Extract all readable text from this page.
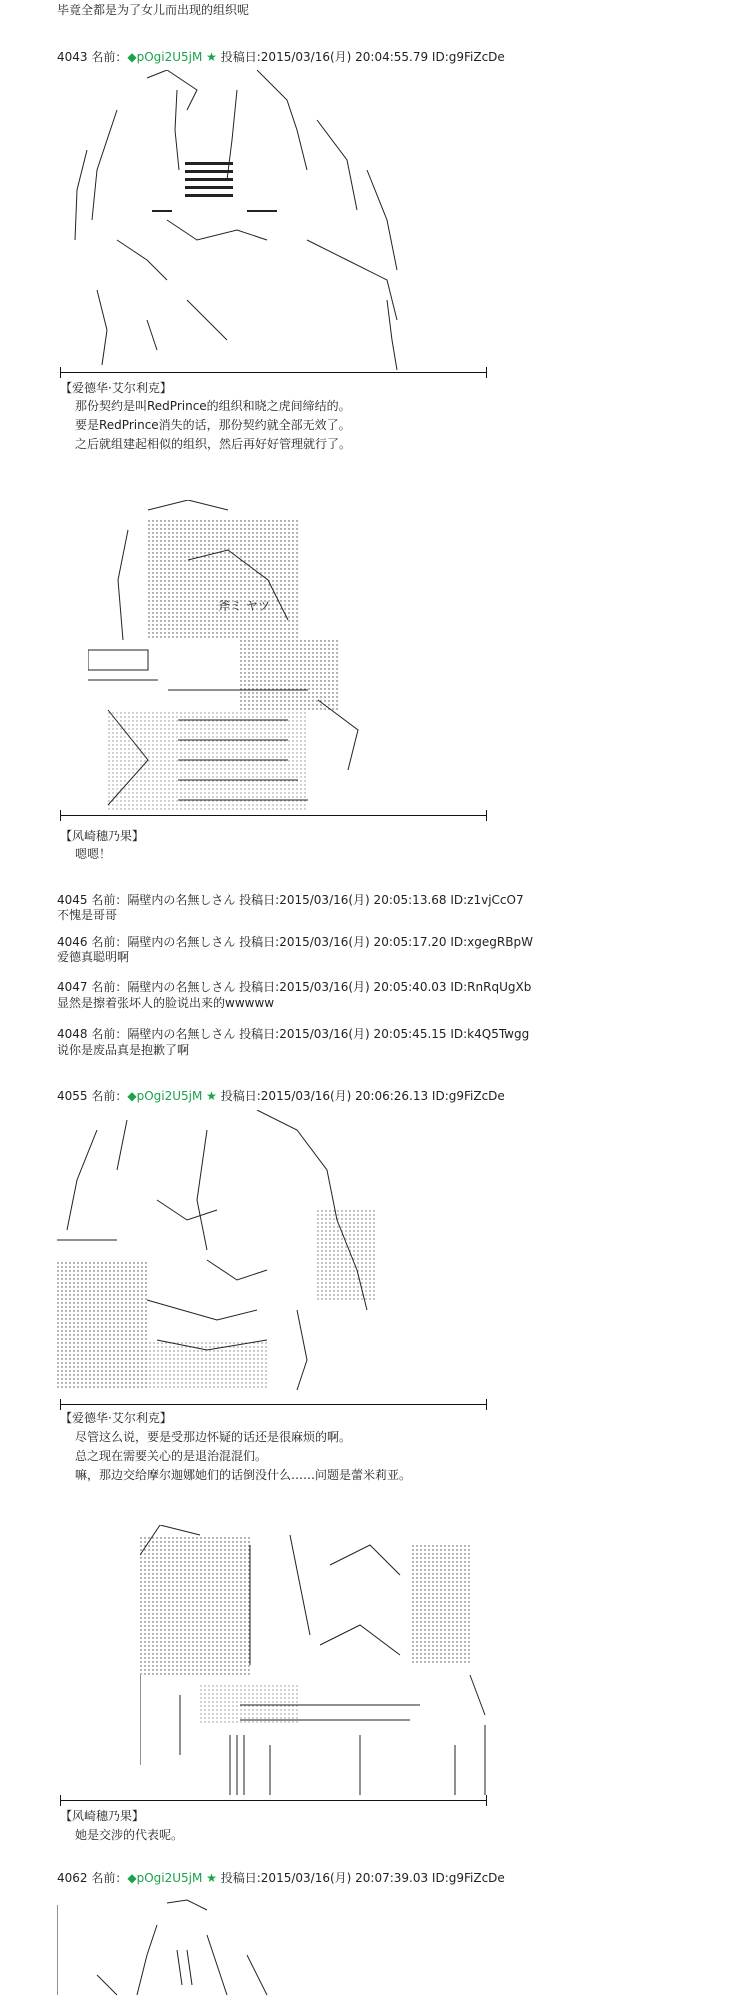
毕竟全都是为了女儿而出现的组织呢
4043 名前：◆pOgi2U5jM ★ 投稿日:2015/03/16(月) 20:04:55.79 ID:g9FiZcDe
【爱德华·艾尔利克】
那份契约是叫RedPrince的组织和晓之虎间缔结的。
要是RedPrince消失的话，那份契约就全部无效了。
之后就组建起相似的组织，然后再好好管理就行了。
斧ミ ヤツ
【风崎穗乃果】
嗯嗯！
4045 名前：隔壁内の名無しさん 投稿日:2015/03/16(月) 20:05:13.68 ID:z1vjCcO7
不愧是哥哥
4046 名前：隔壁内の名無しさん 投稿日:2015/03/16(月) 20:05:17.20 ID:xgegRBpW
爱德真聪明啊
4047 名前：隔壁内の名無しさん 投稿日:2015/03/16(月) 20:05:40.03 ID:RnRqUgXb
显然是擦着张坏人的脸说出来的wwwww
4048 名前：隔壁内の名無しさん 投稿日:2015/03/16(月) 20:05:45.15 ID:k4Q5Twgg
说你是废品真是抱歉了啊
4055 名前：◆pOgi2U5jM ★ 投稿日:2015/03/16(月) 20:06:26.13 ID:g9FiZcDe
【爱德华·艾尔利克】
尽管这么说，要是受那边怀疑的话还是很麻烦的啊。
总之现在需要关心的是退治混混们。
嘛，那边交给摩尔迦娜她们的话倒没什么……问题是蕾米莉亚。
【风崎穗乃果】
她是交涉的代表呢。
4062 名前：◆pOgi2U5jM ★ 投稿日:2015/03/16(月) 20:07:39.03 ID:g9FiZcDe
